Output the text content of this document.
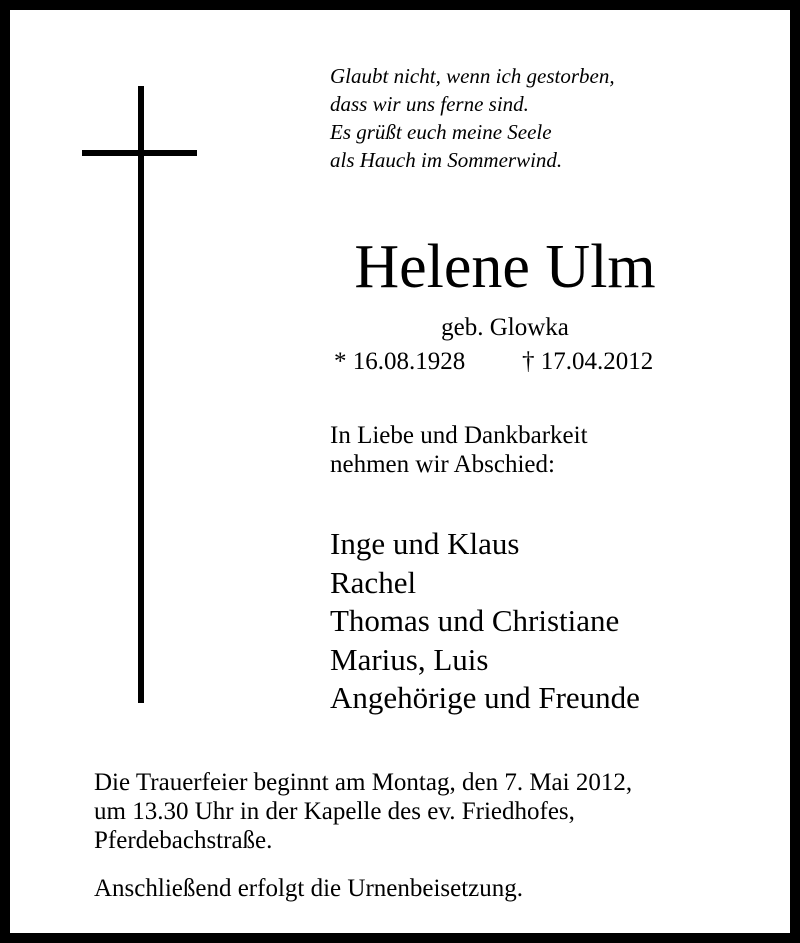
Glaubt nicht, wenn ich gestorben,
dass wir uns ferne sind.
Es grüßt euch meine Seele
als Hauch im Sommerwind.
Helene Ulm
geb. Glowka
* 16.08.1928 † 17.04.2012
In Liebe und Dankbarkeit
nehmen wir Abschied:
Inge und Klaus
Rachel
Thomas und Christiane
Marius, Luis
Angehörige und Freunde
Die Trauerfeier beginnt am Montag, den 7. Mai 2012,
um 13.30 Uhr in der Kapelle des ev. Friedhofes,
Pferdebachstraße.
Anschließend erfolgt die Urnenbeisetzung.
